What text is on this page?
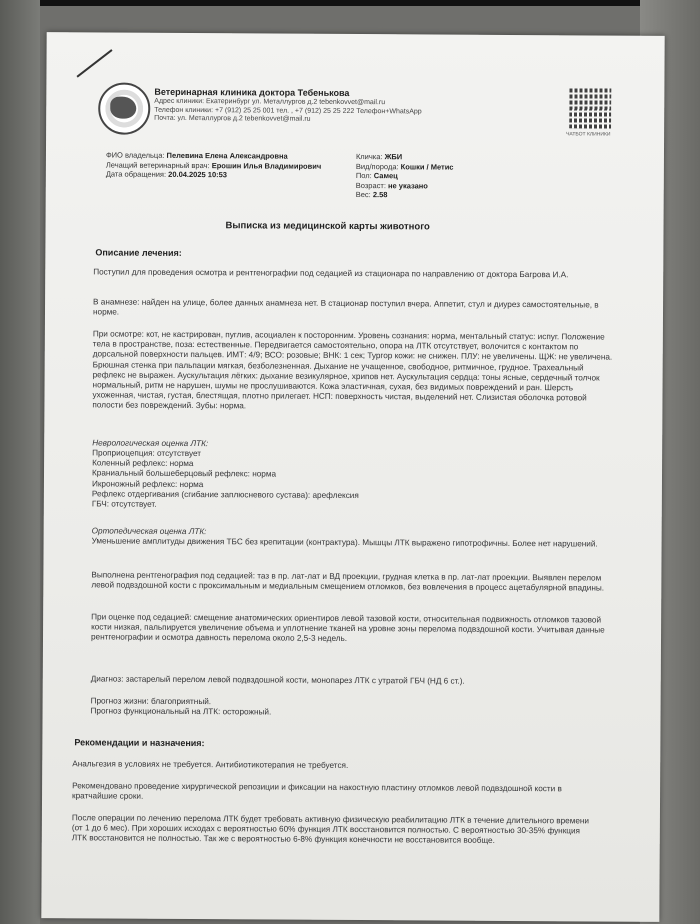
Ветеринарная клиника доктора Тебенькова
Адрес клиники: Екатеринбург ул. Металлургов д.2 tebenkovvet@mail.ru
Телефон клиники: +7 (912) 25 25 001 тел. , +7 (912) 25 25 222 Телефон+WhatsApp
Почта: ул. Металлургов д.2 tebenkovvet@mail.ru
ЧАТБОТ КЛИНИКИ
ФИО владельца: Пелевина Елена Александровна
Лечащий ветеринарный врач: Ерошин Илья Владимирович
Дата обращения: 20.04.2025 10:53
Кличка: ЖБИ
Вид/порода: Кошки / Метис
Пол: Самец
Возраст: не указано
Вес: 2.58
Выписка из медицинской карты животного
Описание лечения:
Поступил для проведения осмотра и рентгенографии под седацией из стационара по направлению от доктора Багрова И.А.
В анамнезе: найден на улице, более данных анамнеза нет. В стационар поступил вчера. Аппетит, стул и диурез самостоятельные, в норме.
При осмотре: кот, не кастрирован, пуглив, асоциален к посторонним. Уровень сознания: норма, ментальный статус: испуг. Положение тела в пространстве, поза: естественные. Передвигается самостоятельно, опора на ЛТК отсутствует, волочится с контактом по дорсальной поверхности пальцев. ИМТ: 4/9; ВСО: розовые; ВНК: 1 сек; Тургор кожи: не снижен. ПЛУ: не увеличены. ЩЖ: не увеличена. Брюшная стенка при пальпации мягкая, безболезненная. Дыхание не учащенное, свободное, ритмичное, грудное. Трахеальный рефлекс не выражен. Аускультация лёгких: дыхание везикулярное, хрипов нет. Аускультация сердца: тоны ясные, сердечный толчок нормальный, ритм не нарушен, шумы не прослушиваются. Кожа эластичная, сухая, без видимых повреждений и ран. Шерсть ухоженная, чистая, густая, блестящая, плотно прилегает. НСП: поверхность чистая, выделений нет. Слизистая оболочка ротовой полости без повреждений. Зубы: норма.
Неврологическая оценка ЛТК:
Проприоцепция: отсутствует
Коленный рефлекс: норма
Краниальный большеберцовый рефлекс: норма
Икроножный рефлекс: норма
Рефлекс отдергивания (сгибание заплюсневого сустава): арефлексия
ГБЧ: отсутствует.
Ортопедическая оценка ЛТК:
Уменьшение амплитуды движения ТБС без крепитации (контрактура). Мышцы ЛТК выражено гипотрофичны. Более нет нарушений.
Выполнена рентгенография под седацией: таз в пр. лат-лат и ВД проекции, грудная клетка в пр. лат-лат проекции. Выявлен перелом левой подвздошной кости с проксимальным и медиальным смещением отломков, без вовлечения в процесс ацетабулярной впадины.
При оценке под седацией: смещение анатомических ориентиров левой тазовой кости, относительная подвижность отломков тазовой кости низкая, пальпируется увеличение объема и уплотнение тканей на уровне зоны перелома подвздошной кости. Учитывая данные рентгенографии и осмотра давность перелома около 2,5-3 недель.
Диагноз: застарелый перелом левой подвздошной кости, монопарез ЛТК с утратой ГБЧ (НД 6 ст.).
Прогноз жизни: благоприятный.
Прогноз функциональный на ЛТК: осторожный.
Рекомендации и назначения:
Анальгезия в условиях не требуется. Антибиотикотерапия не требуется.
Рекомендовано проведение хирургической репозиции и фиксации на накостную пластину отломков левой подвздошной кости в кратчайшие сроки.
После операции по лечению перелома ЛТК будет требовать активную физическую реабилитацию ЛТК в течение длительного времени (от 1 до 6 мес). При хороших исходах с вероятностью 60% функция ЛТК восстановится полностью. С вероятностью 30-35% функция ЛТК восстановится не полностью. Так же с вероятностью 6-8% функция конечности не восстановится вообще.
